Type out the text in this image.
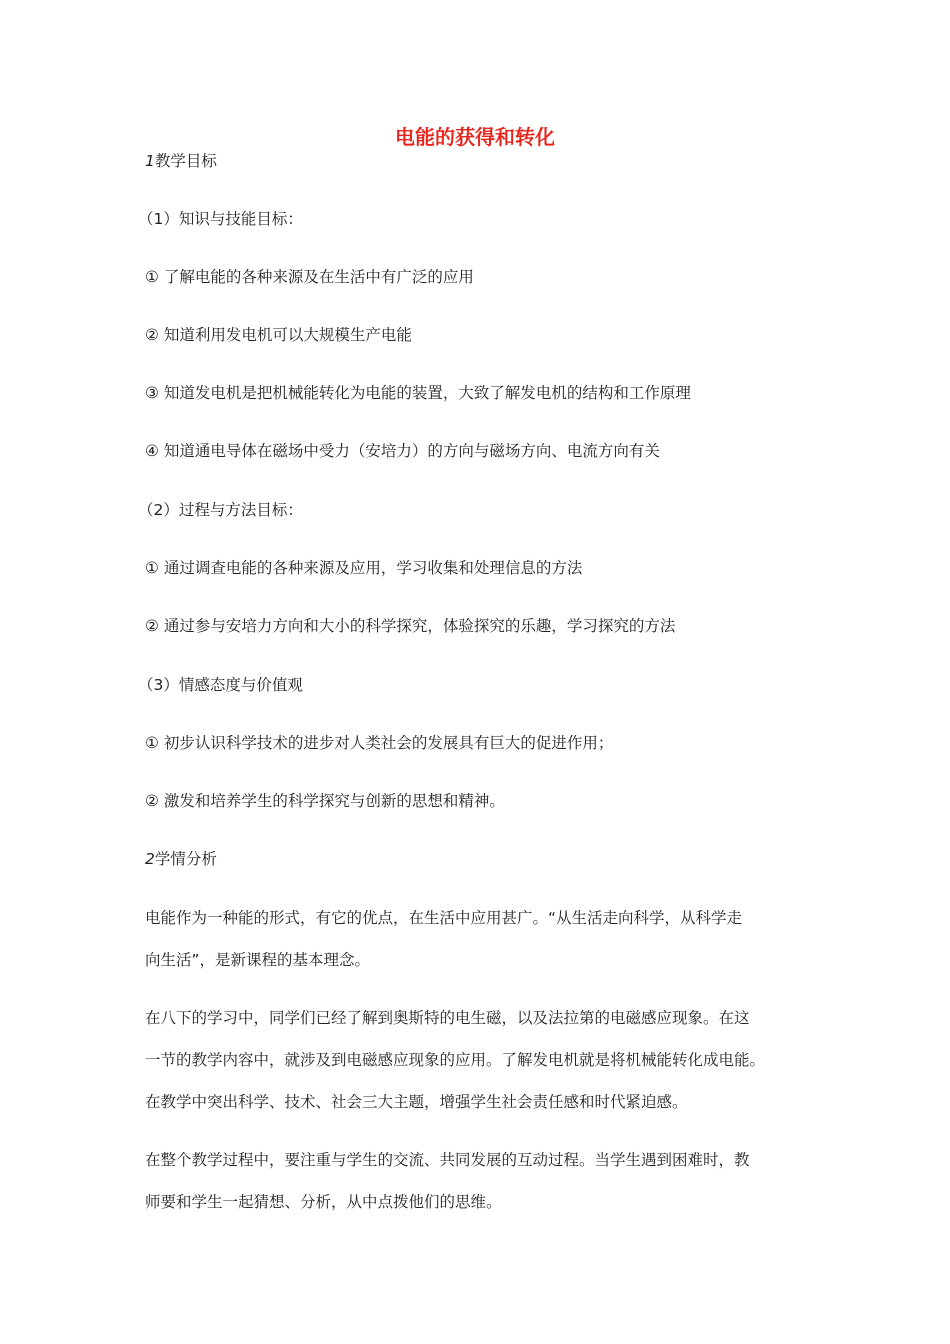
电能的获得和转化
1教学目标
（1）知识与技能目标：
① 了解电能的各种来源及在生活中有广泛的应用
② 知道利用发电机可以大规模生产电能
③ 知道发电机是把机械能转化为电能的装置，大致了解发电机的结构和工作原理
④ 知道通电导体在磁场中受力（安培力）的方向与磁场方向、电流方向有关
（2）过程与方法目标：
① 通过调查电能的各种来源及应用，学习收集和处理信息的方法
② 通过参与安培力方向和大小的科学探究，体验探究的乐趣，学习探究的方法
（3）情感态度与价值观
① 初步认识科学技术的进步对人类社会的发展具有巨大的促进作用；
② 激发和培养学生的科学探究与创新的思想和精神。
2学情分析
电能作为一种能的形式，有它的优点，在生活中应用甚广。“从生活走向科学，从科学走
向生活”，是新课程的基本理念。
在八下的学习中，同学们已经了解到奥斯特的电生磁，以及法拉第的电磁感应现象。在这
一节的教学内容中，就涉及到电磁感应现象的应用。了解发电机就是将机械能转化成电能。
在教学中突出科学、技术、社会三大主题，增强学生社会责任感和时代紧迫感。
在整个教学过程中，要注重与学生的交流、共同发展的互动过程。当学生遇到困难时，教
师要和学生一起猜想、分析，从中点拨他们的思维。
